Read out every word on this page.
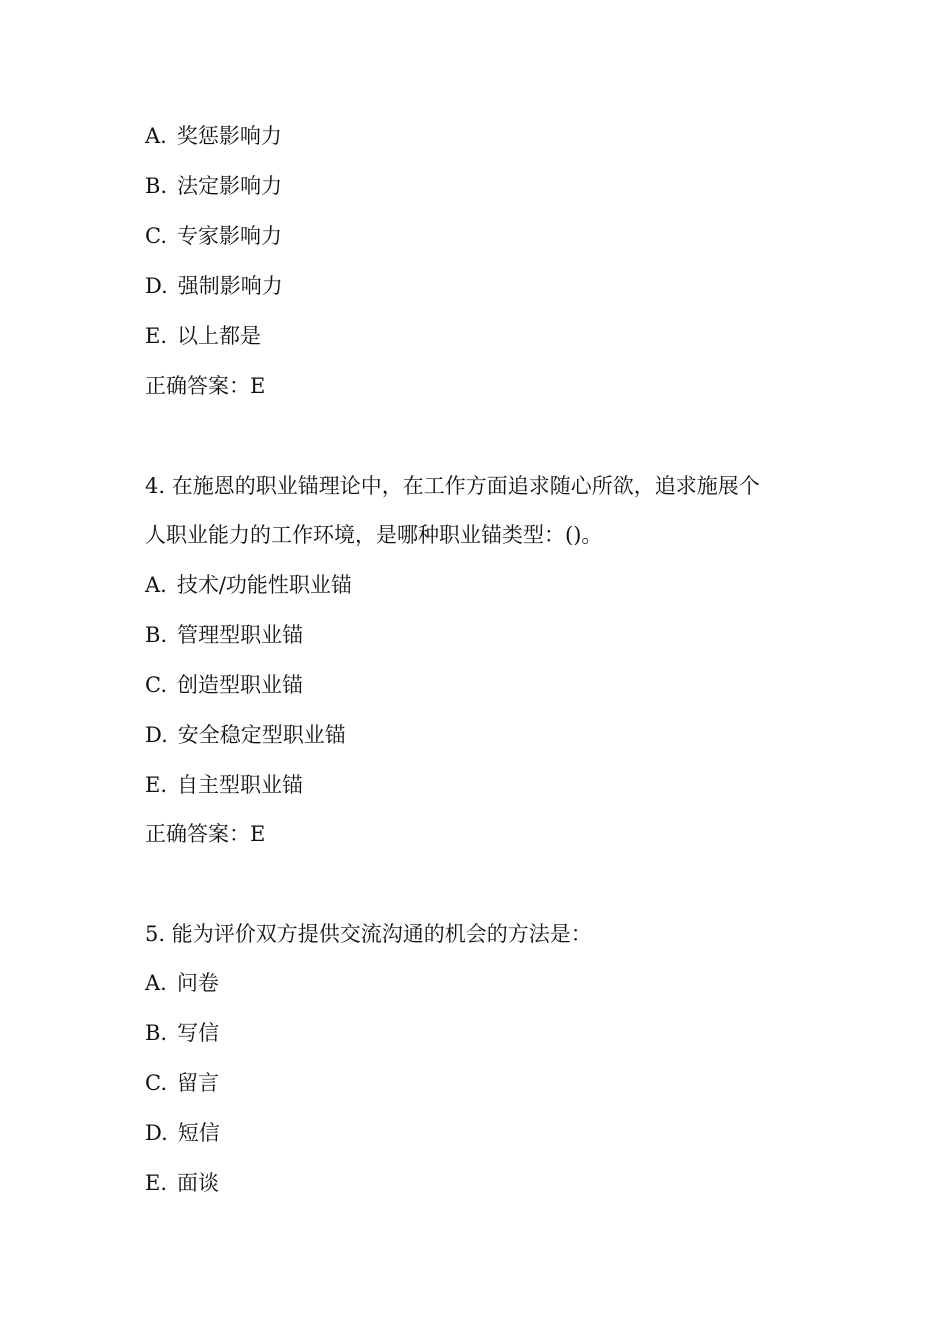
A. 奖惩影响力
B. 法定影响力
C. 专家影响力
D. 强制影响力
E. 以上都是
正确答案：E
4. 在施恩的职业锚理论中，在工作方面追求随心所欲，追求施展个
人职业能力的工作环境，是哪种职业锚类型：()。
A. 技术/功能性职业锚
B. 管理型职业锚
C. 创造型职业锚
D. 安全稳定型职业锚
E. 自主型职业锚
正确答案：E
5. 能为评价双方提供交流沟通的机会的方法是：
A. 问卷
B. 写信
C. 留言
D. 短信
E. 面谈
